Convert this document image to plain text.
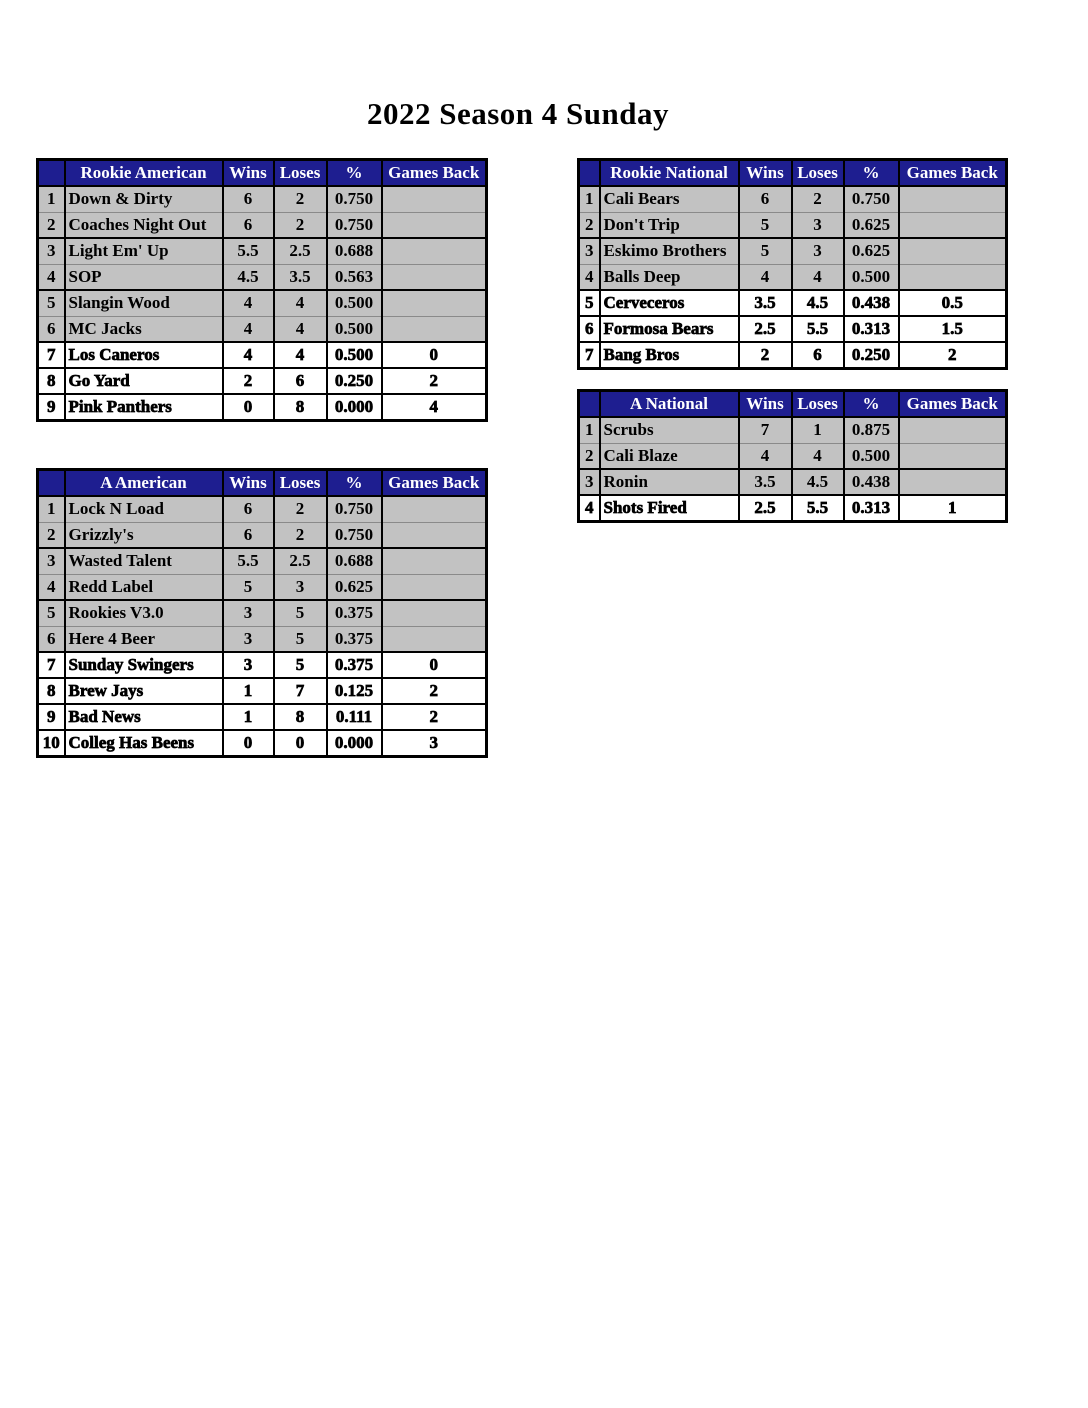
2022 Season 4 Sunday
	Rookie American	Wins	Loses	%	Games Back
1	Down & Dirty	6	2	0.750	
2	Coaches Night Out	6	2	0.750	
3	Light Em' Up	5.5	2.5	0.688	
4	SOP	4.5	3.5	0.563	
5	Slangin Wood	4	4	0.500	
6	MC Jacks	4	4	0.500	
7	Los Caneros	4	4	0.500	0
8	Go Yard	2	6	0.250	2
9	Pink Panthers	0	8	0.000	4
	Rookie National	Wins	Loses	%	Games Back
1	Cali Bears	6	2	0.750	
2	Don't Trip	5	3	0.625	
3	Eskimo Brothers	5	3	0.625	
4	Balls Deep	4	4	0.500	
5	Cerveceros	3.5	4.5	0.438	0.5
6	Formosa Bears	2.5	5.5	0.313	1.5
7	Bang Bros	2	6	0.250	2
	A National	Wins	Loses	%	Games Back
1	Scrubs	7	1	0.875	
2	Cali Blaze	4	4	0.500	
3	Ronin	3.5	4.5	0.438	
4	Shots Fired	2.5	5.5	0.313	1
	A American	Wins	Loses	%	Games Back
1	Lock N Load	6	2	0.750	
2	Grizzly's	6	2	0.750	
3	Wasted Talent	5.5	2.5	0.688	
4	Redd Label	5	3	0.625	
5	Rookies V3.0	3	5	0.375	
6	Here 4 Beer	3	5	0.375	
7	Sunday Swingers	3	5	0.375	0
8	Brew Jays	1	7	0.125	2
9	Bad News	1	8	0.111	2
10	Colleg Has Beens	0	0	0.000	3
